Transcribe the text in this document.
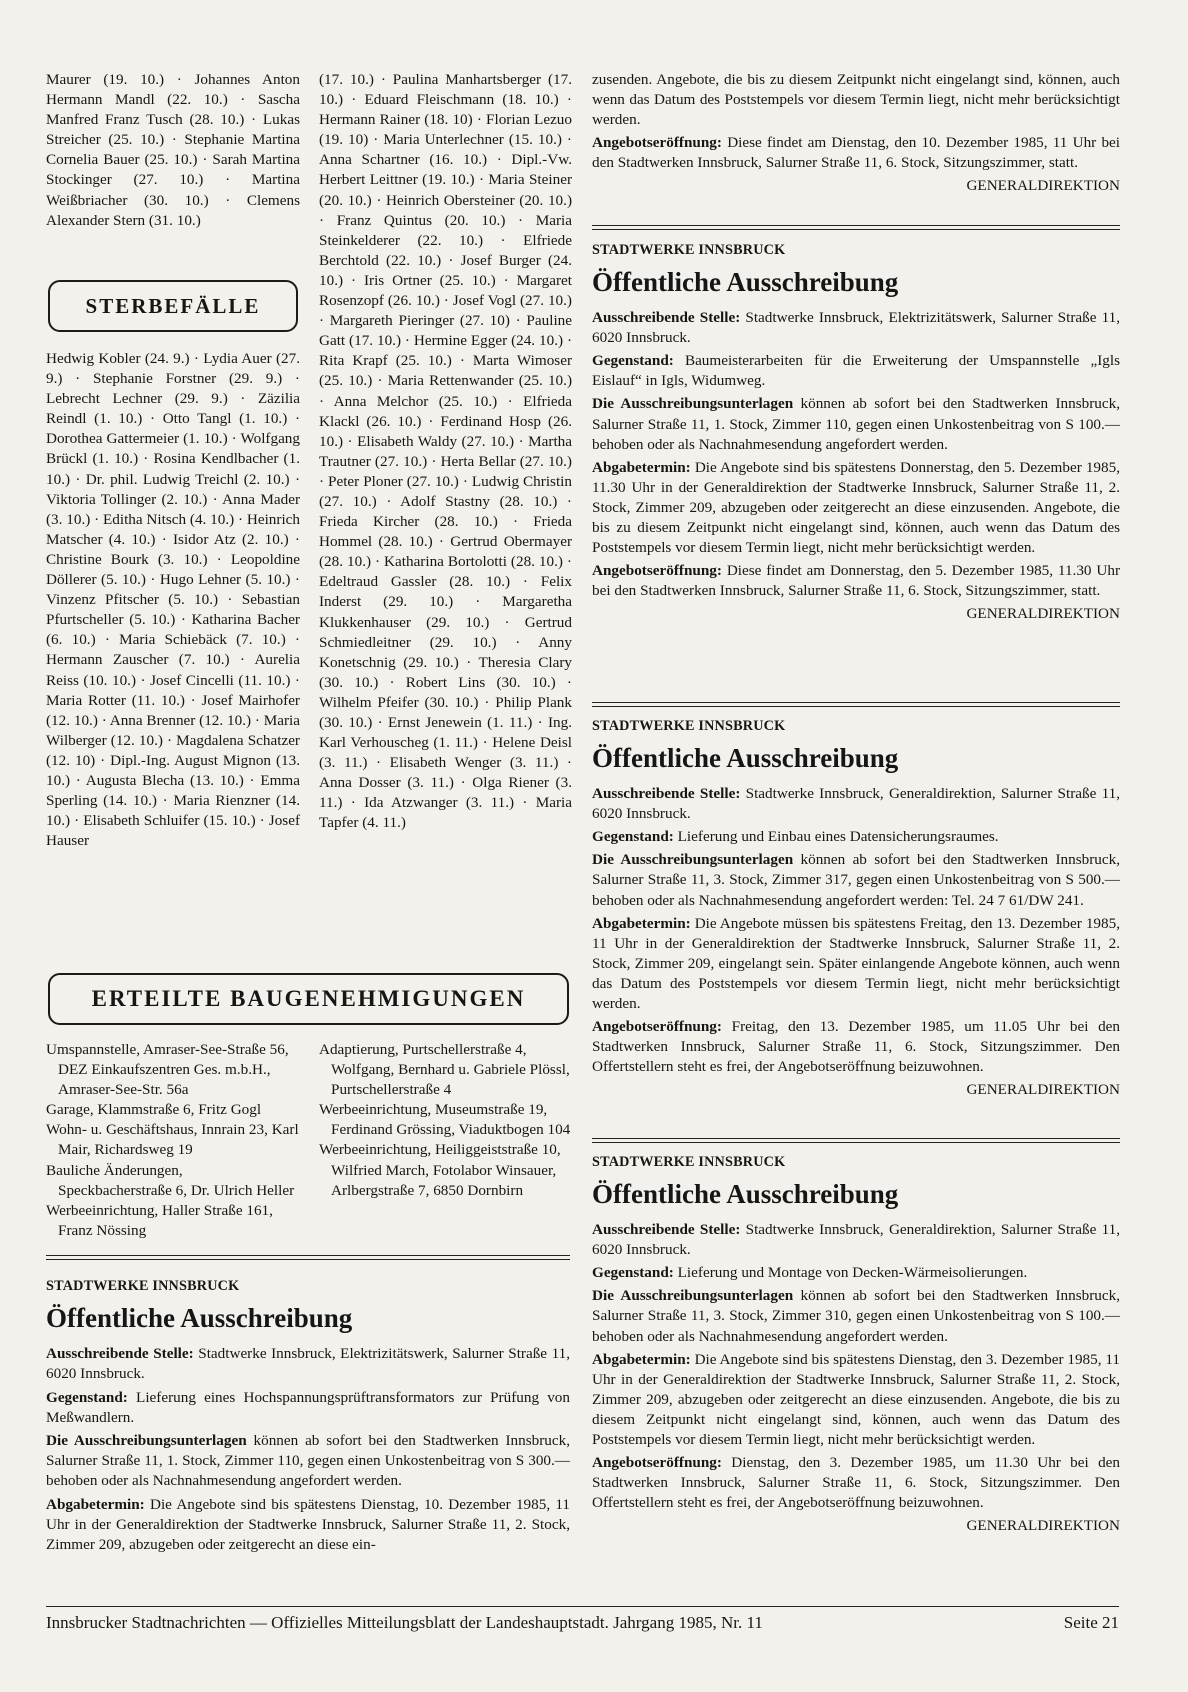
Maurer (19. 10.) · Johannes Anton Hermann Mandl (22. 10.) · Sascha Manfred Franz Tusch (28. 10.) · Lukas Streicher (25. 10.) · Stephanie Martina Cornelia Bauer (25. 10.) · Sarah Martina Stockinger (27. 10.) · Martina Weißbriacher (30. 10.) · Clemens Alexander Stern (31. 10.)

(17. 10.) · Paulina Manhartsberger (17. 10.) · Eduard Fleischmann (18. 10.) · Hermann Rainer (18. 10) · Florian Lezuo (19. 10) · Maria Unterlechner (15. 10.) · Anna Schartner (16. 10.) · Dipl.-Vw. Herbert Leittner (19. 10.) · Maria Steiner (20. 10.) · Heinrich Obersteiner (20. 10.) · Franz Quintus (20. 10.) · Maria Steinkelderer (22. 10.) · Elfriede Berchtold (22. 10.) · Josef Burger (24. 10.) · Iris Ortner (25. 10.) · Margaret Rosenzopf (26. 10.) · Josef Vogl (27. 10.) · Margareth Pieringer (27. 10) · Pauline Gatt (17. 10.) · Hermine Egger (24. 10.) · Rita Krapf (25. 10.) · Marta Wimoser (25. 10.) · Maria Rettenwander (25. 10.) · Anna Melchor (25. 10.) · Elfrieda Klackl (26. 10.) · Ferdinand Hosp (26. 10.) · Elisabeth Waldy (27. 10.) · Martha Trautner (27. 10.) · Herta Bellar (27. 10.) · Peter Ploner (27. 10.) · Ludwig Christin (27. 10.) · Adolf Stastny (28. 10.) · Frieda Kircher (28. 10.) · Frieda Hommel (28. 10.) · Gertrud Obermayer (28. 10.) · Katharina Bortolotti (28. 10.) · Edeltraud Gassler (28. 10.) · Felix Inderst (29. 10.) · Margaretha Klukkenhauser (29. 10.) · Gertrud Schmiedleitner (29. 10.) · Anny Konetschnig (29. 10.) · Theresia Clary (30. 10.) · Robert Lins (30. 10.) · Wilhelm Pfeifer (30. 10.) · Philip Plank (30. 10.) · Ernst Jenewein (1. 11.) · Ing. Karl Verhouscheg (1. 11.) · Helene Deisl (3. 11.) · Elisabeth Wenger (3. 11.) · Anna Dosser (3. 11.) · Olga Riener (3. 11.) · Ida Atzwanger (3. 11.) · Maria Tapfer (4. 11.)

STERBEFÄLLE

Hedwig Kobler (24. 9.) · Lydia Auer (27. 9.) · Stephanie Forstner (29. 9.) · Lebrecht Lechner (29. 9.) · Zäzilia Reindl (1. 10.) · Otto Tangl (1. 10.) · Dorothea Gattermeier (1. 10.) · Wolfgang Brückl (1. 10.) · Rosina Kendlbacher (1. 10.) · Dr. phil. Ludwig Treichl (2. 10.) · Viktoria Tollinger (2. 10.) · Anna Mader (3. 10.) · Editha Nitsch (4. 10.) · Heinrich Matscher (4. 10.) · Isidor Atz (2. 10.) · Christine Bourk (3. 10.) · Leopoldine Döllerer (5. 10.) · Hugo Lehner (5. 10.) · Vinzenz Pfitscher (5. 10.) · Sebastian Pfurtscheller (5. 10.) · Katharina Bacher (6. 10.) · Maria Schiebäck (7. 10.) · Hermann Zauscher (7. 10.) · Aurelia Reiss (10. 10.) · Josef Cincelli (11. 10.) · Maria Rotter (11. 10.) · Josef Mairhofer (12. 10.) · Anna Brenner (12. 10.) · Maria Wilberger (12. 10.) · Magdalena Schatzer (12. 10) · Dipl.-Ing. August Mignon (13. 10.) · Augusta Blecha (13. 10.) · Emma Sperling (14. 10.) · Maria Rienzner (14. 10.) · Elisabeth Schluifer (15. 10.) · Josef Hauser

ERTEILTE BAUGENEHMIGUNGEN

Umspannstelle, Amraser-See-Straße 56, DEZ Einkaufszentren Ges. m.b.H., Amraser-See-Str. 56a

Garage, Klammstraße 6, Fritz Gogl

Wohn- u. Geschäftshaus, Innrain 23, Karl Mair, Richardsweg 19

Bauliche Änderungen, Speckbacherstraße 6, Dr. Ulrich Heller

Werbeeinrichtung, Haller Straße 161, Franz Nössing

Adaptierung, Purtschellerstraße 4, Wolfgang, Bernhard u. Gabriele Plössl, Purtschellerstraße 4

Werbeeinrichtung, Museumstraße 19, Ferdinand Grössing, Viaduktbogen 104

Werbeeinrichtung, Heiliggeiststraße 10, Wilfried March, Fotolabor Winsauer, Arlbergstraße 7, 6850 Dornbirn

STADTWERKE INNSBRUCK

Öffentliche Ausschreibung

Ausschreibende Stelle: Stadtwerke Innsbruck, Elektrizitätswerk, Salurner Straße 11, 6020 Innsbruck.

Gegenstand: Lieferung eines Hochspannungsprüftransformators zur Prüfung von Meßwandlern.

Die Ausschreibungsunterlagen können ab sofort bei den Stadtwerken Innsbruck, Salurner Straße 11, 1. Stock, Zimmer 110, gegen einen Unkostenbeitrag von S 300.— behoben oder als Nachnahmesendung angefordert werden.

Abgabetermin: Die Angebote sind bis spätestens Dienstag, 10. Dezember 1985, 11 Uhr in der Generaldirektion der Stadtwerke Innsbruck, Salurner Straße 11, 2. Stock, Zimmer 209, abzugeben oder zeitgerecht an diese ein-

zusenden. Angebote, die bis zu diesem Zeitpunkt nicht eingelangt sind, können, auch wenn das Datum des Poststempels vor diesem Termin liegt, nicht mehr berücksichtigt werden.

Angebotseröffnung: Diese findet am Dienstag, den 10. Dezember 1985, 11 Uhr bei den Stadtwerken Innsbruck, Salurner Straße 11, 6. Stock, Sitzungszimmer, statt.

GENERALDIREKTION

STADTWERKE INNSBRUCK

Öffentliche Ausschreibung

Ausschreibende Stelle: Stadtwerke Innsbruck, Elektrizitätswerk, Salurner Straße 11, 6020 Innsbruck.

Gegenstand: Baumeisterarbeiten für die Erweiterung der Umspannstelle „Igls Eislauf“ in Igls, Widumweg.

Die Ausschreibungsunterlagen können ab sofort bei den Stadtwerken Innsbruck, Salurner Straße 11, 1. Stock, Zimmer 110, gegen einen Unkostenbeitrag von S 100.— behoben oder als Nachnahmesendung angefordert werden.

Abgabetermin: Die Angebote sind bis spätestens Donnerstag, den 5. Dezember 1985, 11.30 Uhr in der Generaldirektion der Stadtwerke Innsbruck, Salurner Straße 11, 2. Stock, Zimmer 209, abzugeben oder zeitgerecht an diese einzusenden. Angebote, die bis zu diesem Zeitpunkt nicht eingelangt sind, können, auch wenn das Datum des Poststempels vor diesem Termin liegt, nicht mehr berücksichtigt werden.

Angebotseröffnung: Diese findet am Donnerstag, den 5. Dezember 1985, 11.30 Uhr bei den Stadtwerken Innsbruck, Salurner Straße 11, 6. Stock, Sitzungszimmer, statt.

GENERALDIREKTION

STADTWERKE INNSBRUCK

Öffentliche Ausschreibung

Ausschreibende Stelle: Stadtwerke Innsbruck, Generaldirektion, Salurner Straße 11, 6020 Innsbruck.

Gegenstand: Lieferung und Einbau eines Datensicherungsraumes.

Die Ausschreibungsunterlagen können ab sofort bei den Stadtwerken Innsbruck, Salurner Straße 11, 3. Stock, Zimmer 317, gegen einen Unkostenbeitrag von S 500.— behoben oder als Nachnahmesendung angefordert werden: Tel. 24 7 61/DW 241.

Abgabetermin: Die Angebote müssen bis spätestens Freitag, den 13. Dezember 1985, 11 Uhr in der Generaldirektion der Stadtwerke Innsbruck, Salurner Straße 11, 2. Stock, Zimmer 209, eingelangt sein. Später einlangende Angebote können, auch wenn das Datum des Poststempels vor diesem Termin liegt, nicht mehr berücksichtigt werden.

Angebotseröffnung: Freitag, den 13. Dezember 1985, um 11.05 Uhr bei den Stadtwerken Innsbruck, Salurner Straße 11, 6. Stock, Sitzungszimmer. Den Offertstellern steht es frei, der Angebotseröffnung beizuwohnen.

GENERALDIREKTION

STADTWERKE INNSBRUCK

Öffentliche Ausschreibung

Ausschreibende Stelle: Stadtwerke Innsbruck, Generaldirektion, Salurner Straße 11, 6020 Innsbruck.

Gegenstand: Lieferung und Montage von Decken-Wärmeisolierungen.

Die Ausschreibungsunterlagen können ab sofort bei den Stadtwerken Innsbruck, Salurner Straße 11, 3. Stock, Zimmer 310, gegen einen Unkostenbeitrag von S 100.— behoben oder als Nachnahmesendung angefordert werden.

Abgabetermin: Die Angebote sind bis spätestens Dienstag, den 3. Dezember 1985, 11 Uhr in der Generaldirektion der Stadtwerke Innsbruck, Salurner Straße 11, 2. Stock, Zimmer 209, abzugeben oder zeitgerecht an diese einzusenden. Angebote, die bis zu diesem Zeitpunkt nicht eingelangt sind, können, auch wenn das Datum des Poststempels vor diesem Termin liegt, nicht mehr berücksichtigt werden.

Angebotseröffnung: Dienstag, den 3. Dezember 1985, um 11.30 Uhr bei den Stadtwerken Innsbruck, Salurner Straße 11, 6. Stock, Sitzungszimmer. Den Offertstellern steht es frei, der Angebotseröffnung beizuwohnen.

GENERALDIREKTION

Innsbrucker Stadtnachrichten — Offizielles Mitteilungsblatt der Landeshauptstadt. Jahrgang 1985, Nr. 11	Seite 21
